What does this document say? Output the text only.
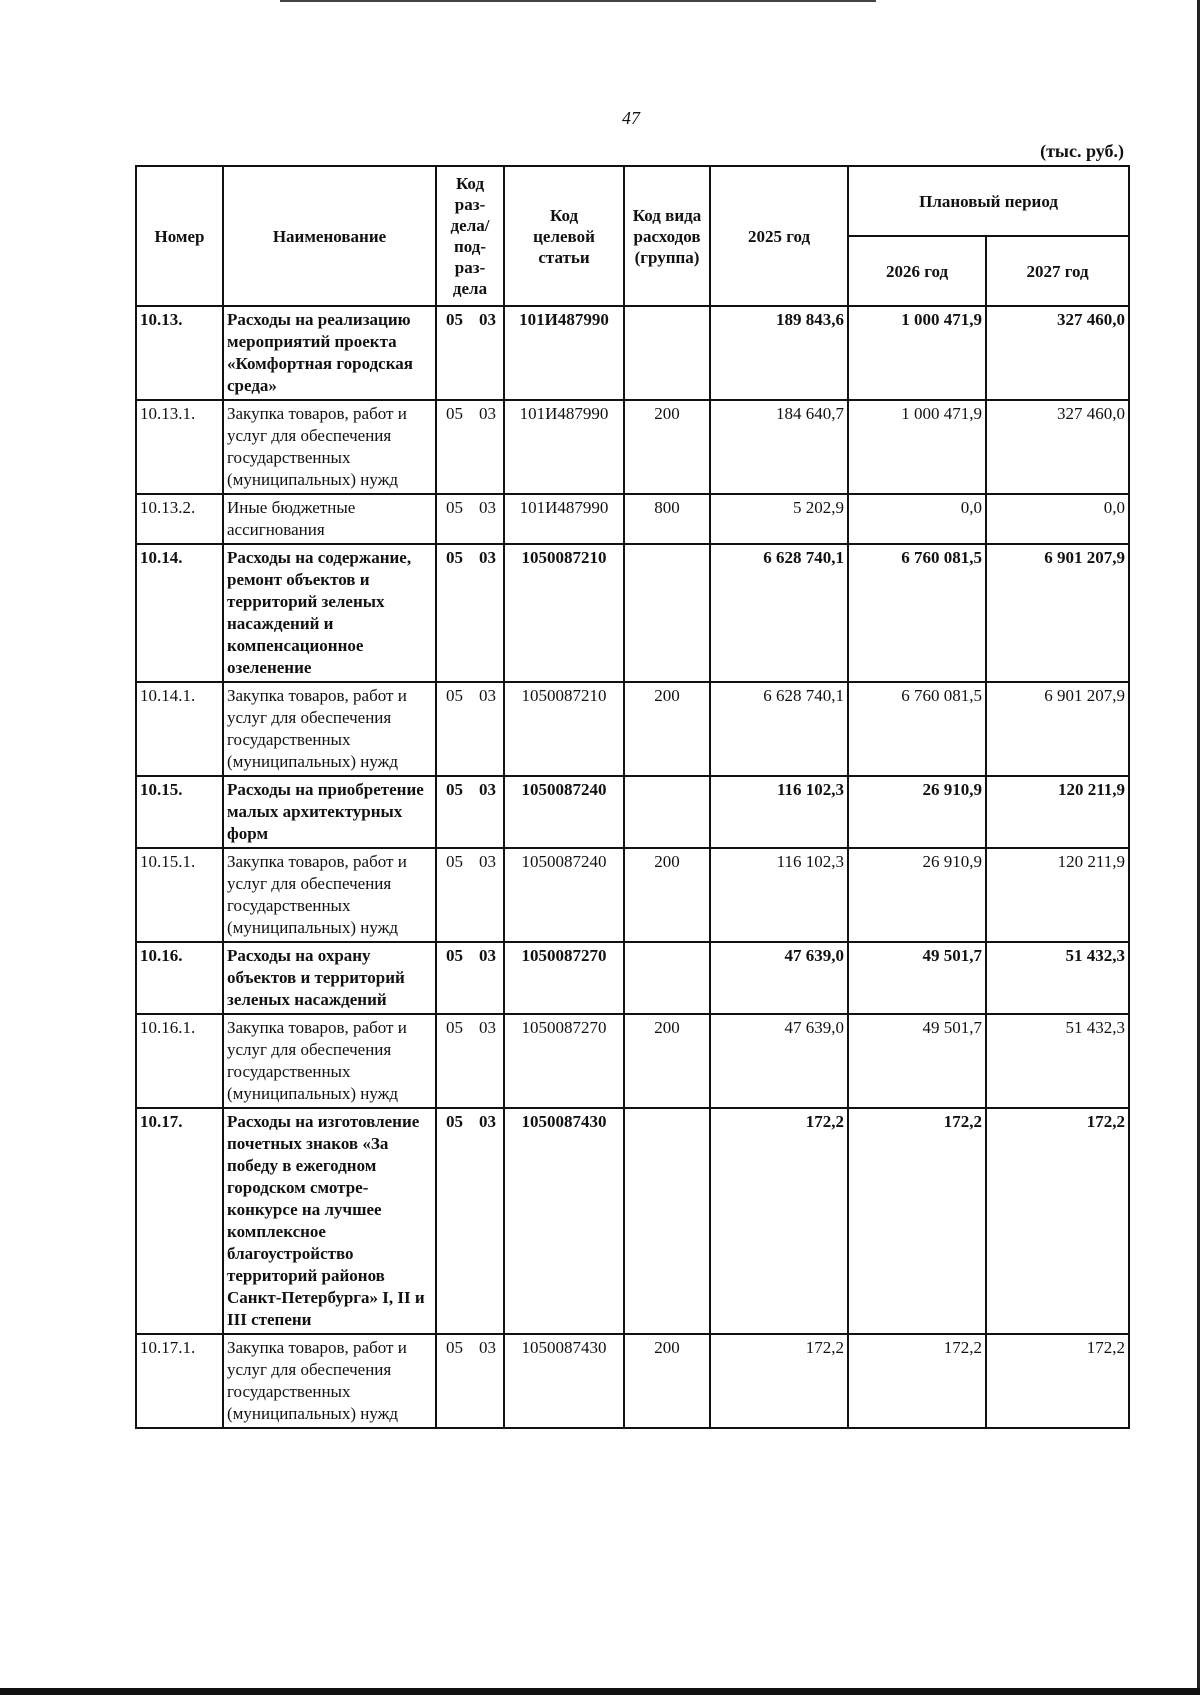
47
(тыс. руб.)
Номер	Наименование	Код раз-дела/ под-раз-дела		Код целевой статьи	Код вида расходов (группа)	2025 год	Плановый период	
							2026 год	2027 год
10.13.	Расходы на реализацию мероприятий проекта «Комфортная городская среда»	05	03	101И487990		189 843,6	1 000 471,9	327 460,0
10.13.1.	Закупка товаров, работ и услуг для обеспечения государственных (муниципальных) нужд	05	03	101И487990	200	184 640,7	1 000 471,9	327 460,0
10.13.2.	Иные бюджетные ассигнования	05	03	101И487990	800	5 202,9	0,0	0,0
10.14.	Расходы на содержание, ремонт объектов и территорий зеленых насаждений и компенсационное озеленение	05	03	1050087210		6 628 740,1	6 760 081,5	6 901 207,9
10.14.1.	Закупка товаров, работ и услуг для обеспечения государственных (муниципальных) нужд	05	03	1050087210	200	6 628 740,1	6 760 081,5	6 901 207,9
10.15.	Расходы на приобретение малых архитектурных форм	05	03	1050087240		116 102,3	26 910,9	120 211,9
10.15.1.	Закупка товаров, работ и услуг для обеспечения государственных (муниципальных) нужд	05	03	1050087240	200	116 102,3	26 910,9	120 211,9
10.16.	Расходы на охрану объектов и территорий зеленых насаждений	05	03	1050087270		47 639,0	49 501,7	51 432,3
10.16.1.	Закупка товаров, работ и услуг для обеспечения государственных (муниципальных) нужд	05	03	1050087270	200	47 639,0	49 501,7	51 432,3
10.17.	Расходы на изготовление почетных знаков «За победу в ежегодном городском смотре-конкурсе на лучшее комплексное благоустройство территорий районов Санкт-Петербурга» I, II и III степени	05	03	1050087430		172,2	172,2	172,2
10.17.1.	Закупка товаров, работ и услуг для обеспечения государственных (муниципальных) нужд	05	03	1050087430	200	172,2	172,2	172,2
